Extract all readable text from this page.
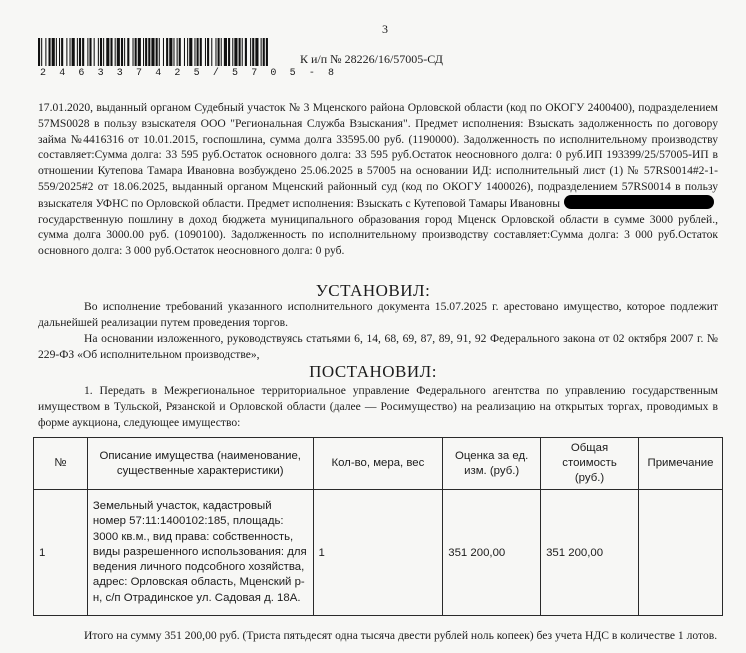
3
2 4 6 3 3 7 4 2 5 / 5 7 0 5 - 8
К и/п № 28226/16/57005-СД

17.01.2020, выданный органом Судебный участок № 3 Мценского района Орловской области (код по ОКОГУ 2400400), подразделением 57MS0028 в пользу взыскателя ООО "Региональная Служба Взыскания". Предмет исполнения: Взыскать задолженность по договору займа №4416316 от 10.01.2015, госпошлина, сумма долга 33595.00 руб. (1190000). Задолженность по исполнительному производству составляет:Сумма долга: 33 595 руб.Остаток основного долга: 33 595 руб.Остаток неосновного долга: 0 руб.ИП 193399/25/57005-ИП в отношении Кутепова Тамара Ивановна возбуждено 25.06.2025 в 57005 на основании ИД: исполнительный лист (1) № 57RS0014#2-1-559/2025#2 от 18.06.2025, выданный органом Мценский районный суд (код по ОКОГУ 1400026), подразделением 57RS0014 в пользу взыскателя УФНС по Орловской области. Предмет исполнения: Взыскать с Кутеповой Тамары Ивановныгосударственную пошлину в доход бюджета муниципального образования город Мценск Орловской области в сумме 3000 рублей., сумма долга 3000.00 руб. (1090100). Задолженность по исполнительному производству составляет:Сумма долга: 3 000 руб.Остаток основного долга: 3 000 руб.Остаток неосновного долга: 0 руб.

УСТАНОВИЛ:

Во исполнение требований указанного исполнительного документа 15.07.2025 г. арестовано имущество, которое подлежит дальнейшей реализации путем проведения торгов.

На основании изложенного, руководствуясь статьями 6, 14, 68, 69, 87, 89, 91, 92 Федерального закона от 02 октября 2007 г. № 229-ФЗ «Об исполнительном производстве»,

ПОСТАНОВИЛ:

1. Передать в Межрегиональное территориальное управление Федерального агентства по управлению государственным имуществом в Тульской, Рязанской и Орловской области (далее — Росимущество) на реализацию на открытых торгах, проводимых в форме аукциона, следующее имущество:

№	Описание имущества (наименование, существенные характеристики)	Кол-во, мера, вес	Оценка за ед. изм. (руб.)	Общая стоимость (руб.)	Примечание
1	Земельный участок, кадастровый номер 57:11:1400102:185, площадь: 3000 кв.м., вид права: собственность, виды разрешенного использования: для ведения личного подсобного хозяйства, адрес: Орловская область, Мценский р-н, с/п Отрадинское ул. Садовая д. 18А.	1	351 200,00	351 200,00	

Итого на сумму 351 200,00 руб. (Триста пятьдесят одна тысяча двести рублей ноль копеек) без учета НДС в количестве 1 лотов.
